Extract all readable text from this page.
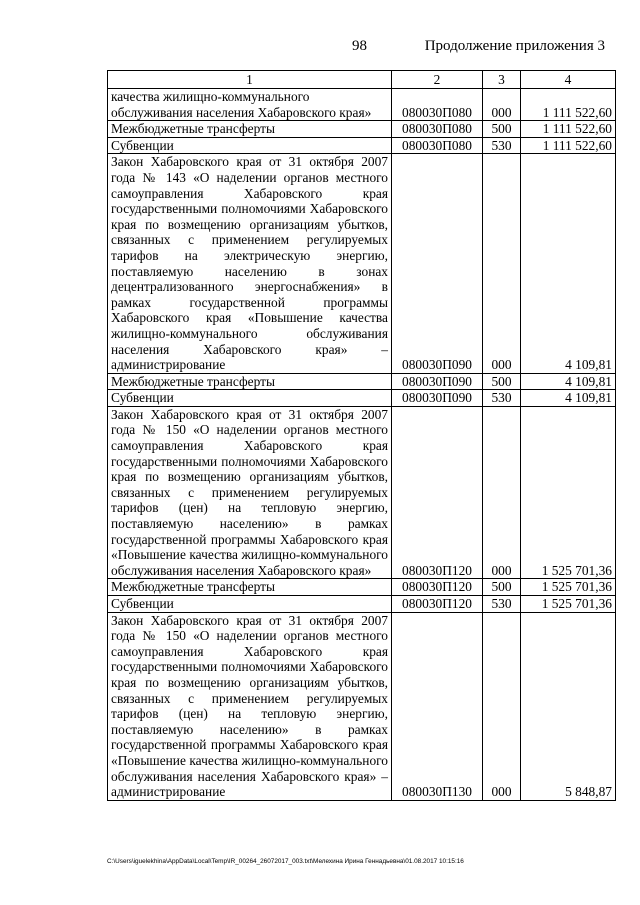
98	Продолжение приложения 3
1	2	3	4
качества жилищно-коммунального
обслуживания населения Хабаровского края»	080030П080	000	1 111 522,60
Межбюджетные трансферты	080030П080	500	1 111 522,60
Субвенции	080030П080	530	1 111 522,60
Закон Хабаровского края от 31 октября 2007 года № 143 «О наделении органов местного самоуправления Хабаровского края государственными полномочиями Хабаровского края по возмещению организациям убытков, связанных с применением регулируемых тарифов на электрическую энергию, поставляемую населению в зонах децентрализованного энергоснабжения» в рамках государственной программы Хабаровского края «Повышение качества жилищно-коммунального обслуживания населения Хабаровского края» – администрирование	080030П090	000	4 109,81
Межбюджетные трансферты	080030П090	500	4 109,81
Субвенции	080030П090	530	4 109,81
Закон Хабаровского края от 31 октября 2007 года № 150 «О наделении органов местного самоуправления Хабаровского края государственными полномочиями Хабаровского края по возмещению организациям убытков, связанных с применением регулируемых тарифов (цен) на тепловую энергию, поставляемую населению» в рамках государственной программы Хабаровского края «Повышение качества жилищно-коммунального обслуживания населения Хабаровского края»	080030П120	000	1 525 701,36
Межбюджетные трансферты	080030П120	500	1 525 701,36
Субвенции	080030П120	530	1 525 701,36
Закон Хабаровского края от 31 октября 2007 года № 150 «О наделении органов местного самоуправления Хабаровского края государственными полномочиями Хабаровского края по возмещению организациям убытков, связанных с применением регулируемых тарифов (цен) на тепловую энергию, поставляемую населению» в рамках государственной программы Хабаровского края «Повышение качества жилищно-коммунального обслуживания населения Хабаровского края» – администрирование	080030П130	000	5 848,87
C:\Users\iguelekhina\AppData\Local\Temp\IR_00264_26072017_003.txt\Мелехина Ирина Геннадьевна\01.08.2017 10:15:16
